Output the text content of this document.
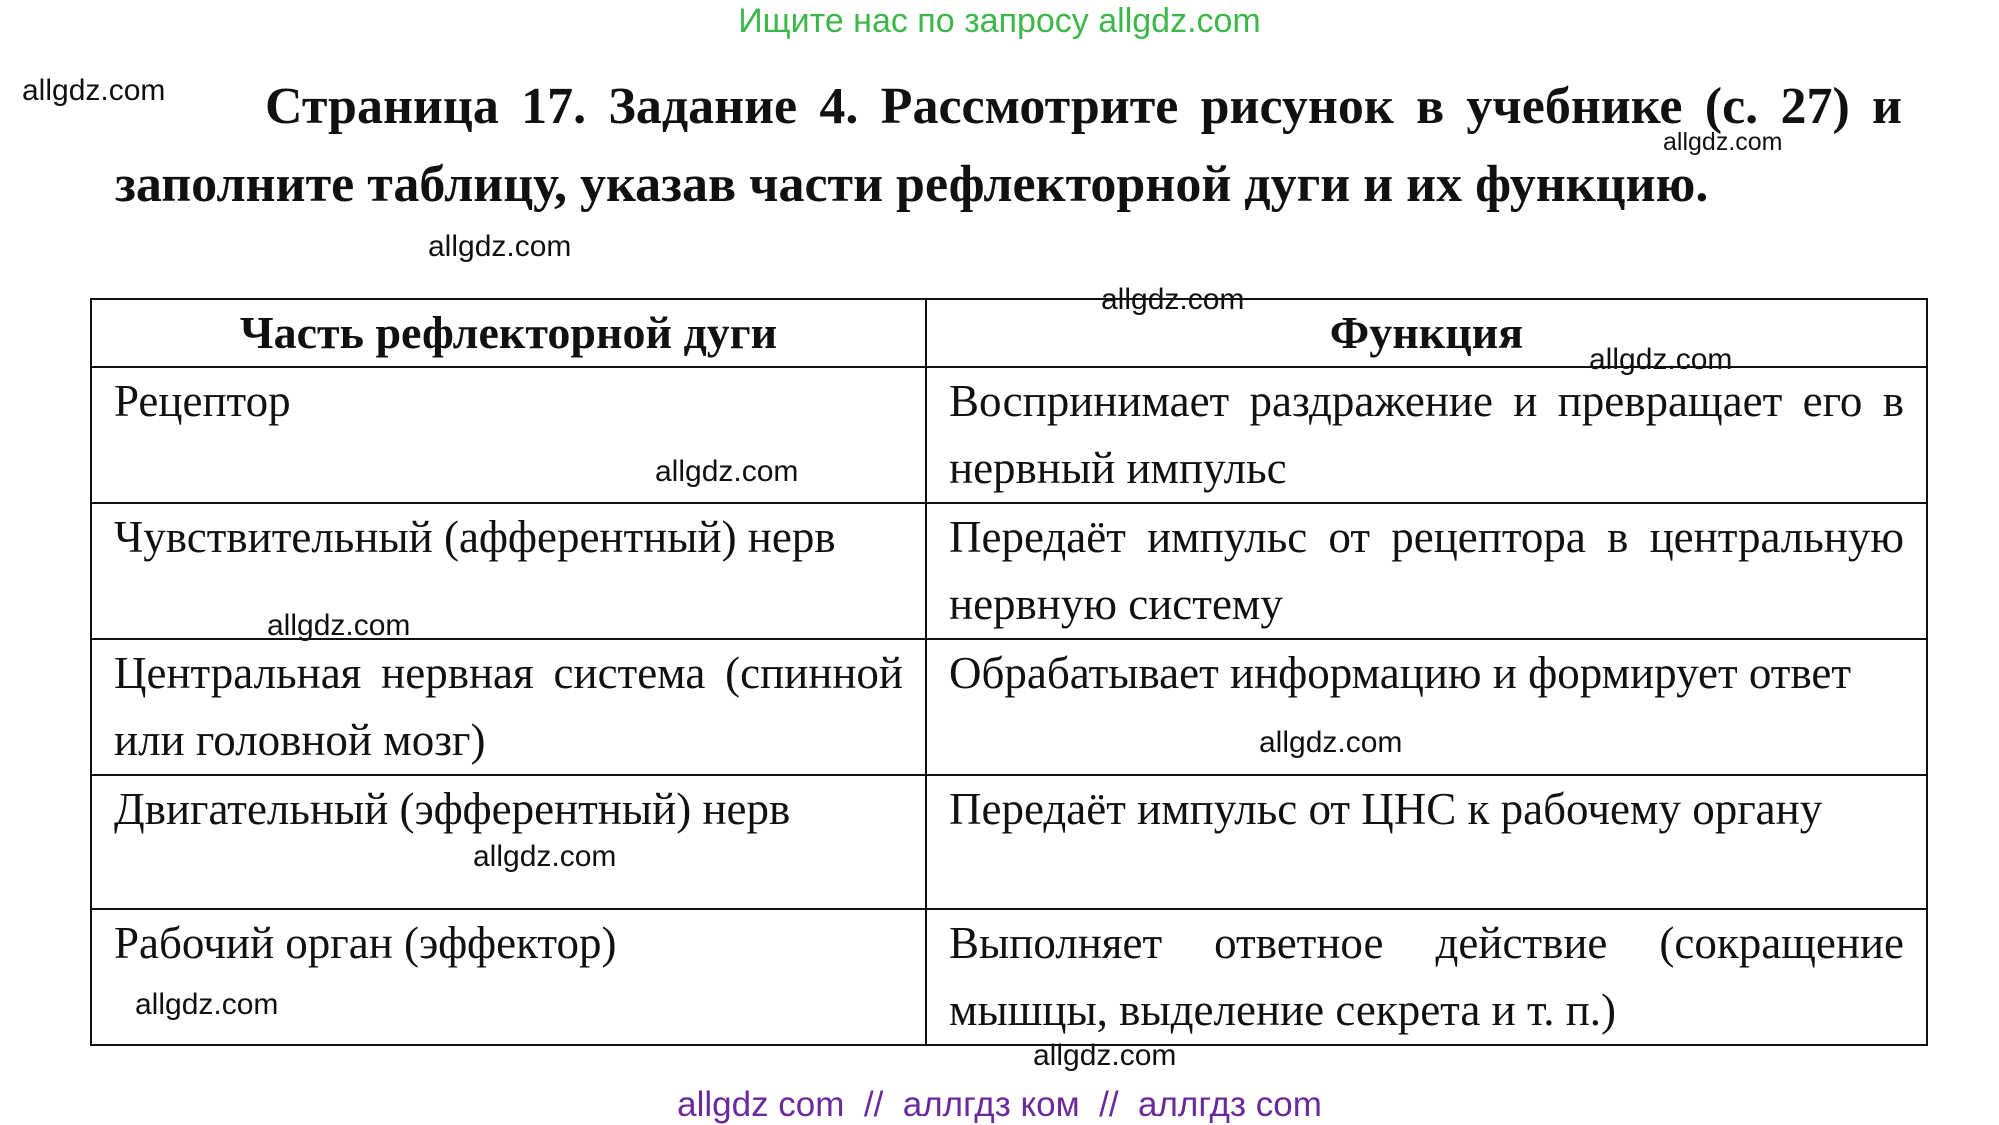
Ищите нас по запросу allgdz.com
Страница 17. Задание 4. Рассмотрите рисунок в учебнике (с. 27) и заполните таблицу, указав части рефлекторной дуги и их функцию.
Часть рефлекторной дуги	Функция
Рецептор	Воспринимает раздражение и превращает его в нервный импульс
Чувствительный (афферентный) нерв	Передаёт импульс от рецептора в центральную нервную систему
Центральная нервная система (спинной или головной мозг)	Обрабатывает информацию и формирует ответ
Двигательный (эфферентный) нерв	Передаёт импульс от ЦНС к рабочему органу
Рабочий орган (эффектор)	Выполняет ответное действие (сокращение мышцы, выделение секрета и т. п.)
allgdz.com
allgdz.com
allgdz.com
allgdz.com
allgdz.com
allgdz.com
allgdz.com
allgdz.com
allgdz.com
allgdz.com
allgdz.com
allgdz com  //  аллгдз ком  //  аллгдз com
